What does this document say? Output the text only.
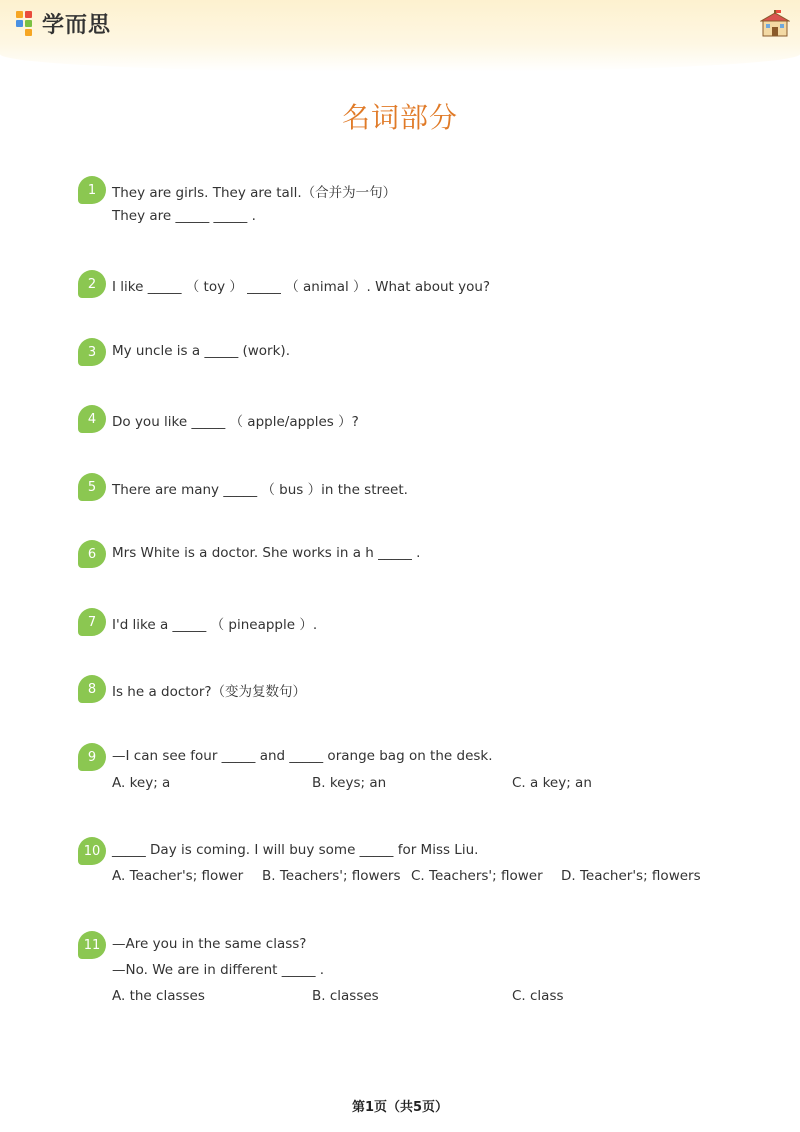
学而思
名词部分
1	They are girls. They are tall.（合并为一句）
They are _____ _____ .
2	I like _____ （ toy ） _____ （ animal ）. What about you?
3	My uncle is a _____ (work).
4	Do you like _____ （ apple/apples ）?
5	There are many _____ （ bus ）in the street.
6	Mrs White is a doctor. She works in a h _____ .
7	I'd like a _____ （ pineapple ）.
8	Is he a doctor?（变为复数句）
9	—I can see four _____ and _____ orange bag on the desk.
A. key; a	B. keys; an	C. a key; an
10 _____ Day is coming. I will buy some _____ for Miss Liu.
A. Teacher's; flower B. Teachers'; flowers C. Teachers'; flower D. Teacher's; flowers
11 —Are you in the same class?
—No. We are in different _____ .
A. the classes	B. classes	C. class
第1页（共5页）
